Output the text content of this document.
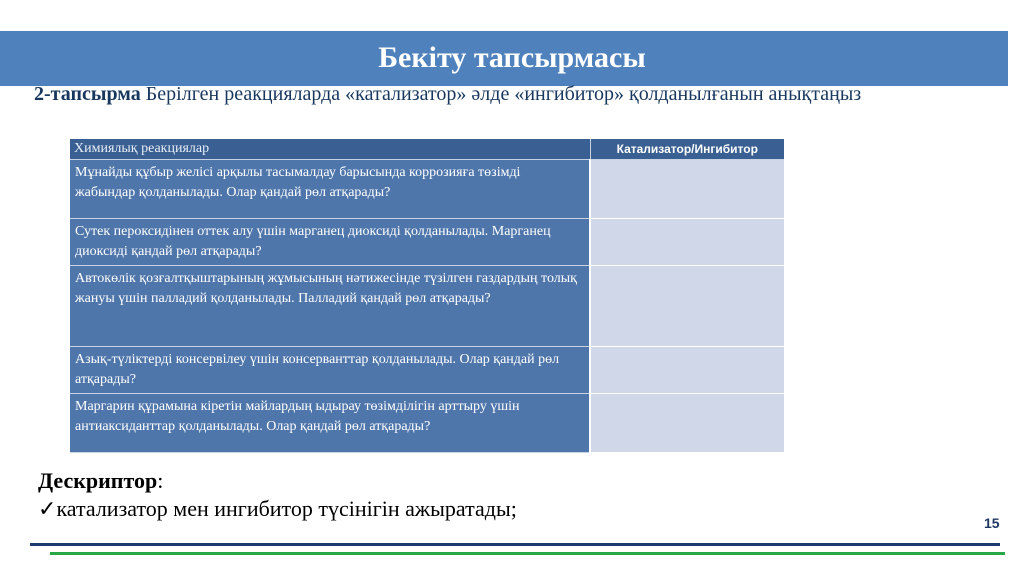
Бекіту тапсырмасы

2-тапсырма Берілген реакцияларда «катализатор» әлде «ингибитор» қолданылғанын анықтаңыз

Химиялық реакциялар	Катализатор/Ингибитор
Мұнайды құбыр желісі арқылы тасымалдау барысында коррозияға төзімді жабындар қолданылады. Олар қандай рөл атқарады?	
Сутек пероксидінен оттек алу үшін марганец диоксиді қолданылады. Марганец диоксиді қандай рөл атқарады?	
Автокөлік қозғалтқыштарының жұмысының нәтижесінде түзілген газдардың толық жануы үшін палладий қолданылады. Палладий қандай рөл атқарады?	
Азық-түліктерді консервілеу үшін консерванттар қолданылады. Олар қандай рөл атқарады?	
Маргарин құрамына кіретін майлардың ыдырау төзімділігін арттыру үшін антиаксиданттар қолданылады. Олар қандай рөл атқарады?	
Дескриптор:
✓катализатор мен ингибитор түсінігін ажыратады;
15
